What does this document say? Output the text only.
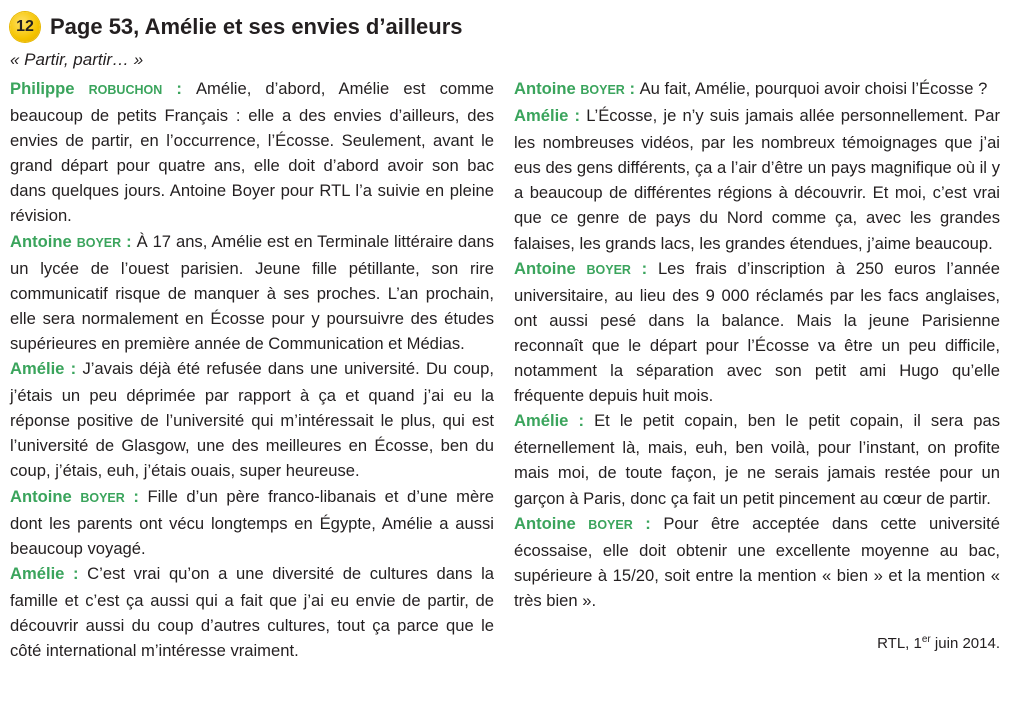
12 Page 53, Amélie et ses envies d’ailleurs
« Partir, partir… »

Philippe ROBUCHON : Amélie, d’abord, Amélie est comme beaucoup de petits Français : elle a des envies d’ailleurs, des envies de partir, en l’occurrence, l’Écosse. Seulement, avant le grand départ pour quatre ans, elle doit d’abord avoir son bac dans quelques jours. Antoine Boyer pour RTL l’a suivie en pleine révision.

Antoine BOYER : À 17 ans, Amélie est en Terminale littéraire dans un lycée de l’ouest parisien. Jeune fille pétillante, son rire communicatif risque de manquer à ses proches. L’an prochain, elle sera normalement en Écosse pour y poursuivre des études supérieures en première année de Communication et Médias.

Amélie : J’avais déjà été refusée dans une université. Du coup, j’étais un peu déprimée par rapport à ça et quand j’ai eu la réponse positive de l’université qui m’intéressait le plus, qui est l’université de Glasgow, une des meilleures en Écosse, ben du coup, j’étais, euh, j’étais ouais, super heureuse.

Antoine BOYER : Fille d’un père franco-libanais et d’une mère dont les parents ont vécu longtemps en Égypte, Amélie a aussi beaucoup voyagé.

Amélie : C’est vrai qu’on a une diversité de cultures dans la famille et c’est ça aussi qui a fait que j’ai eu envie de partir, de découvrir aussi du coup d’autres cultures, tout ça parce que le côté international m’intéresse vraiment.

Antoine BOYER : Au fait, Amélie, pourquoi avoir choisi l’Écosse ?

Amélie : L’Écosse, je n’y suis jamais allée personnellement. Par les nombreuses vidéos, par les nombreux témoignages que j’ai eus des gens différents, ça a l’air d’être un pays magnifique où il y a beaucoup de différentes régions à découvrir. Et moi, c’est vrai que ce genre de pays du Nord comme ça, avec les grandes falaises, les grands lacs, les grandes étendues, j’aime beaucoup.

Antoine BOYER : Les frais d’inscription à 250 euros l’année universitaire, au lieu des 9 000 réclamés par les facs anglaises, ont aussi pesé dans la balance. Mais la jeune Parisienne reconnaît que le départ pour l’Écosse va être un peu difficile, notamment la séparation avec son petit ami Hugo qu’elle fréquente depuis huit mois.

Amélie : Et le petit copain, ben le petit copain, il sera pas éternellement là, mais, euh, ben voilà, pour l’instant, on profite mais moi, de toute façon, je ne serais jamais restée pour un garçon à Paris, donc ça fait un petit pincement au cœur de partir.

Antoine BOYER : Pour être acceptée dans cette université écossaise, elle doit obtenir une excellente moyenne au bac, supérieure à 15/20, soit entre la mention « bien » et la mention « très bien ».

RTL, 1er juin 2014.
